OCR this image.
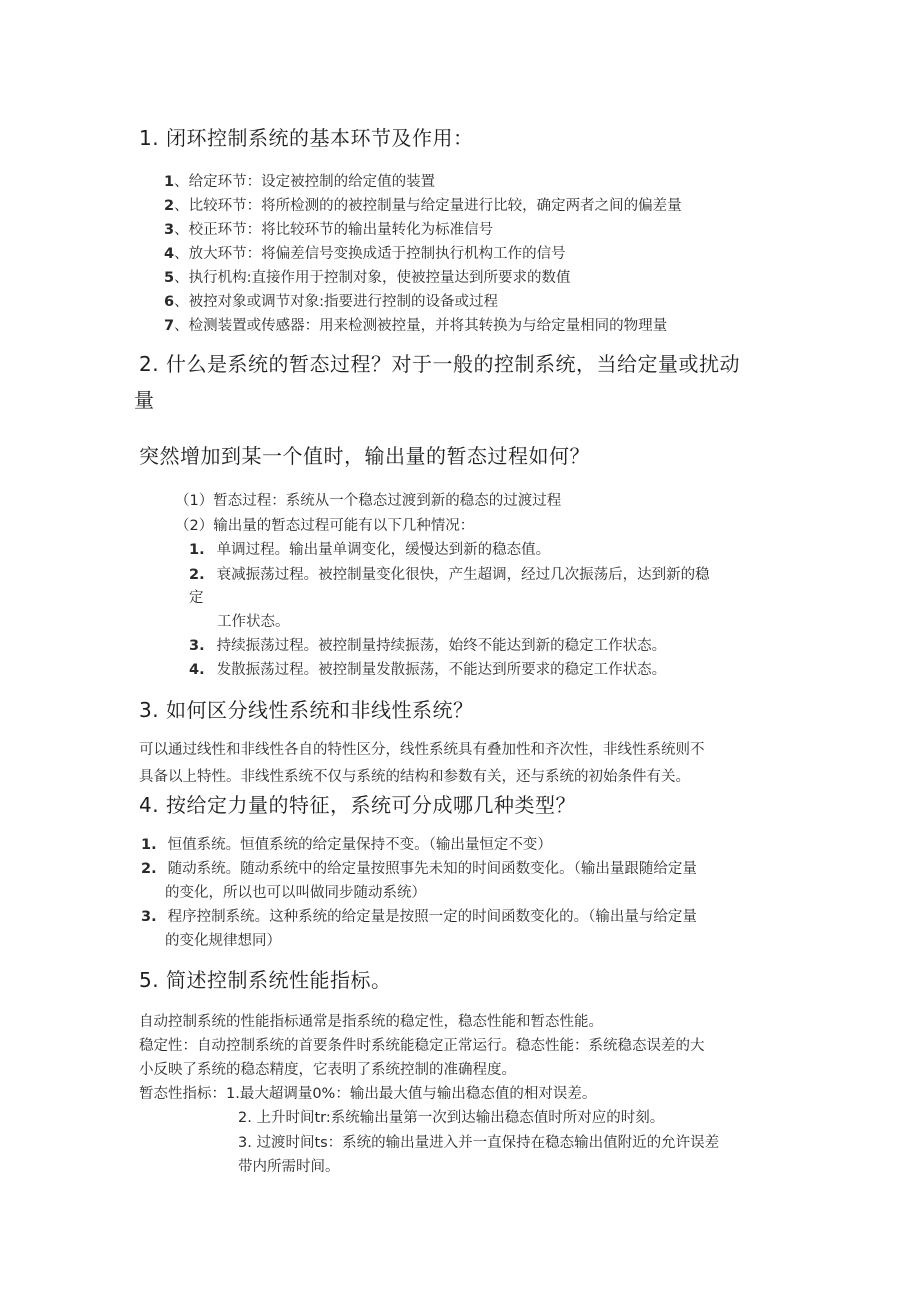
1. 闭环控制系统的基本环节及作用：
1、给定环节：设定被控制的给定值的装置
2、比较环节：将所检测的的被控制量与给定量进行比较，确定两者之间的偏差量
3、校正环节：将比较环节的输出量转化为标准信号
4、放大环节：将偏差信号变换成适于控制执行机构工作的信号
5、执行机构:直接作用于控制对象，使被控量达到所要求的数值
6、被控对象或调节对象:指要进行控制的设备或过程
7、检测装置或传感器：用来检测被控量，并将其转换为与给定量相同的物理量
2. 什么是系统的暂态过程？对于一般的控制系统，当给定量或扰动
量
突然增加到某一个值时，输出量的暂态过程如何？
（1）暂态过程：系统从一个稳态过渡到新的稳态的过渡过程
（2）输出量的暂态过程可能有以下几种情况：
1. 单调过程。输出量单调变化，缓慢达到新的稳态值。
2. 衰减振荡过程。被控制量变化很快，产生超调，经过几次振荡后，达到新的稳
定
工作状态。
3. 持续振荡过程。被控制量持续振荡，始终不能达到新的稳定工作状态。
4. 发散振荡过程。被控制量发散振荡，不能达到所要求的稳定工作状态。
3. 如何区分线性系统和非线性系统？
可以通过线性和非线性各自的特性区分，线性系统具有叠加性和齐次性，非线性系统则不
具备以上特性。非线性系统不仅与系统的结构和参数有关，还与系统的初始条件有关。
4. 按给定力量的特征，系统可分成哪几种类型？
1. 恒值系统。恒值系统的给定量保持不变。（输出量恒定不变）
2. 随动系统。随动系统中的给定量按照事先未知的时间函数变化。（输出量跟随给定量
的变化，所以也可以叫做同步随动系统）
3. 程序控制系统。这种系统的给定量是按照一定的时间函数变化的。（输出量与给定量
的变化规律想同）
5. 简述控制系统性能指标。
自动控制系统的性能指标通常是指系统的稳定性，稳态性能和暂态性能。
稳定性：自动控制系统的首要条件时系统能稳定正常运行。稳态性能：系统稳态误差的大
小反映了系统的稳态精度，它表明了系统控制的准确程度。
暂态性指标：1.最大超调量0%：输出最大值与输出稳态值的相对误差。
2. 上升时间tr:系统输出量第一次到达输出稳态值时所对应的时刻。
3. 过渡时间ts：系统的输出量进入并一直保持在稳态输出值附近的允许误差
带内所需时间。
